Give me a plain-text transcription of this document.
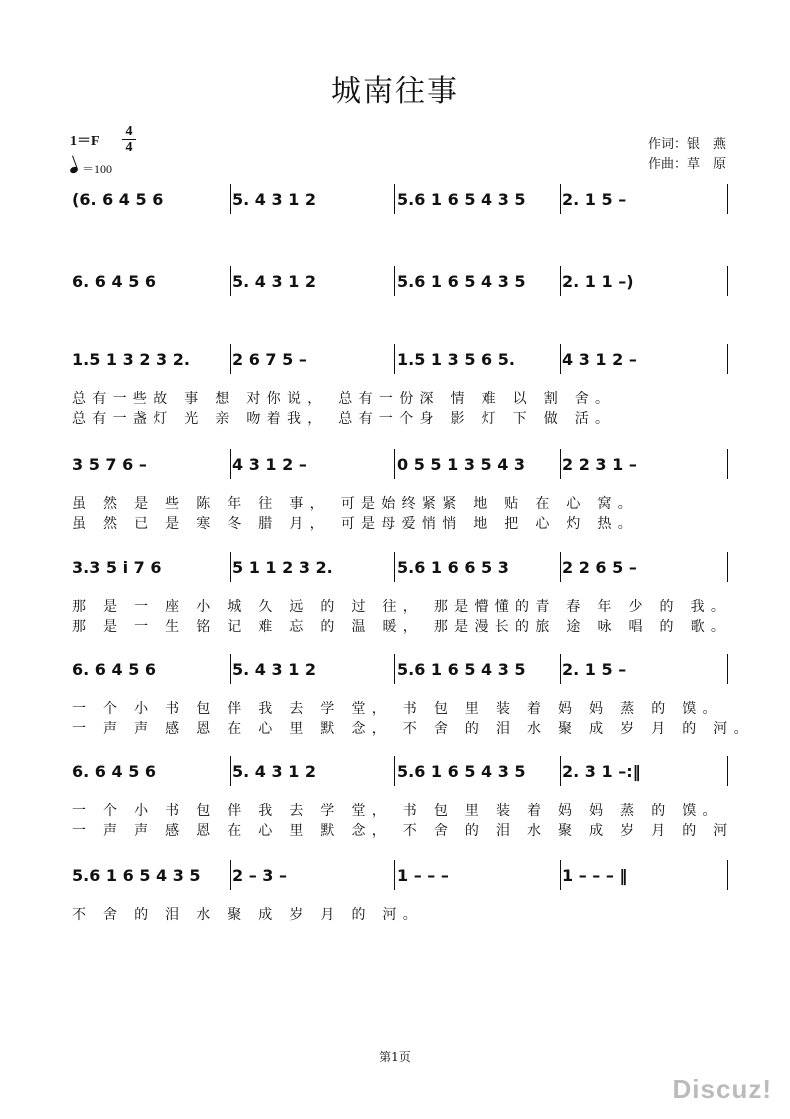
城南往事
1＝F
4
4
＝100
作词：银　燕
作曲：草　原
(6. 6 4 5 6	5. 4 3 1 2	5.6 1 6 5 4 3 5 2. 1 5 –
6. 6 4 5 6	5. 4 3 1 2	5.6 1 6 5 4 3 5 2. 1 1 –)
1.5 1 3 2 3 2.	2 6 7 5 –	1.5 1 3 5 6 5.	4 3 1 2 –
总有一些故 事 想 对你说， 总有一份深 情 难 以 割 舍。
总有一盏灯 光 亲 吻着我， 总有一个身 影 灯 下 做 活。
3 5 7 6 –	4 3 1 2 –	0 5 5 1 3 5 4 3 2 2 3 1 –
虽 然 是 些 陈 年 往 事， 可是始终紧紧 地 贴 在 心 窝。
虽 然 已 是 寒 冬 腊 月， 可是母爱悄悄 地 把 心 灼 热。
3.3 5 i 7 6	5 1 1 2 3 2.	5.6 1 6 6 5 3	2 2 6 5 –
那 是 一 座 小 城 久 远 的 过 往， 那是懵懂的青 春 年 少 的 我。
那 是 一 生 铭 记 难 忘 的 温 暖， 那是漫长的旅 途 咏 唱 的 歌。
6. 6 4 5 6	5. 4 3 1 2	5.6 1 6 5 4 3 5 2. 1 5 –
一 个 小 书 包 伴 我 去 学 堂， 书 包 里 装 着 妈 妈 蒸 的 馍。
一 声 声 感 恩 在 心 里 默 念， 不 舍 的 泪 水 聚 成 岁 月 的 河。
6. 6 4 5 6	5. 4 3 1 2	5.6 1 6 5 4 3 5 2. 3 1 –:‖
一 个 小 书 包 伴 我 去 学 堂， 书 包 里 装 着 妈 妈 蒸 的 馍。
一 声 声 感 恩 在 心 里 默 念， 不 舍 的 泪 水 聚 成 岁 月 的 河
5.6 1 6 5 4 3 5 2 – 3 –	1 – – –	1 – – – ‖
不 舍 的 泪 水 聚 成 岁 月 的 河。
第1页
Discuz!
